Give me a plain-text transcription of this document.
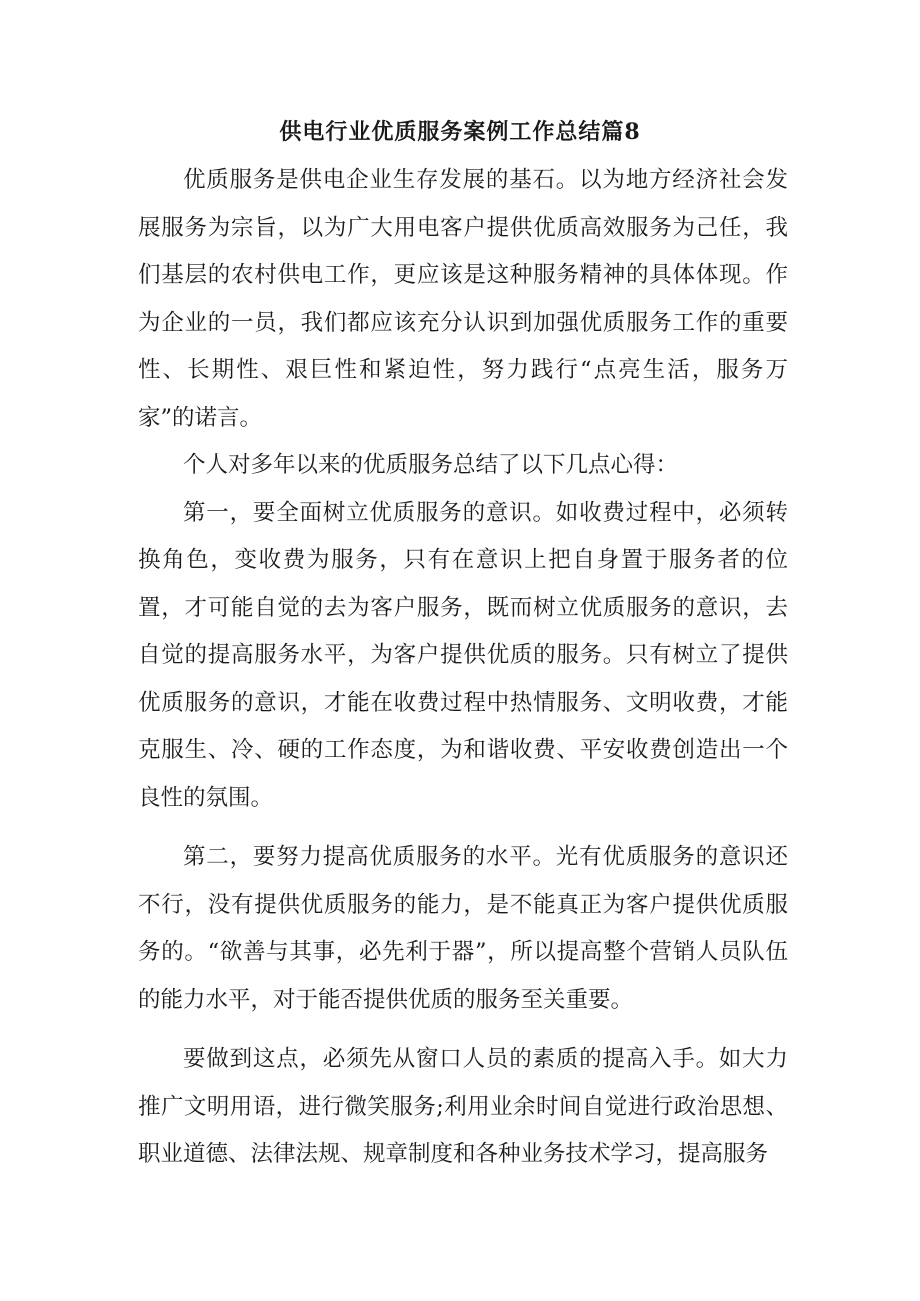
供电行业优质服务案例工作总结篇8

优质服务是供电企业生存发展的基石。以为地方经济社会发展服务为宗旨，以为广大用电客户提供优质高效服务为己任，我们基层的农村供电工作，更应该是这种服务精神的具体体现。作为企业的一员，我们都应该充分认识到加强优质服务工作的重要性、长期性、艰巨性和紧迫性，努力践行“点亮生活，服务万家”的诺言。

个人对多年以来的优质服务总结了以下几点心得：

第一，要全面树立优质服务的意识。如收费过程中，必须转换角色，变收费为服务，只有在意识上把自身置于服务者的位置，才可能自觉的去为客户服务，既而树立优质服务的意识，去自觉的提高服务水平，为客户提供优质的服务。只有树立了提供优质服务的意识，才能在收费过程中热情服务、文明收费，才能克服生、冷、硬的工作态度，为和谐收费、平安收费创造出一个良性的氛围。

第二，要努力提高优质服务的水平。光有优质服务的意识还不行，没有提供优质服务的能力，是不能真正为客户提供优质服务的。“欲善与其事，必先利于器”，所以提高整个营销人员队伍的能力水平，对于能否提供优质的服务至关重要。

要做到这点，必须先从窗口人员的素质的提高入手。如大力推广文明用语，进行微笑服务;利用业余时间自觉进行政治思想、职业道德、法律法规、规章制度和各种业务技术学习，提高服务
